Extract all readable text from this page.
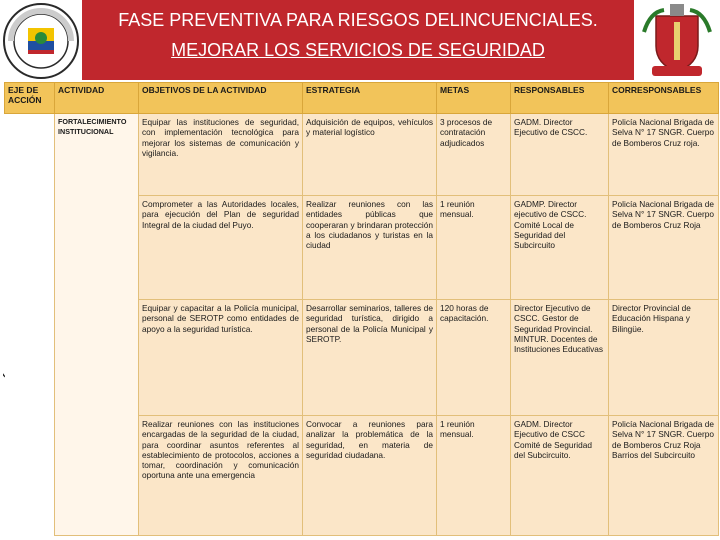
FASE PREVENTIVA PARA RIESGOS DELINCUENCIALES.
MEJORAR LOS SERVICIOS DE SEGURIDAD
EJE DE ACCIÓN	ACTIVIDAD	OBJETIVOS DE LA ACTIVIDAD	ESTRATEGIA	METAS	RESPONSABLES	CORRESPONSABLES
	FORTALECIMIENTO INSTITUCIONAL	Equipar las instituciones de seguridad, con implementación tecnológica para mejorar los sistemas de comunicación y vigilancia.	Adquisición de equipos, vehículos y material logístico	3 procesos de contratación adjudicados	GADM. Director Ejecutivo de CSCC.	Policía Nacional Brigada de Selva N° 17 SNGR. Cuerpo de Bomberos Cruz roja.
		Comprometer a las Autoridades locales, para ejecución del Plan de seguridad Integral de la ciudad del Puyo.	Realizar reuniones con las entidades públicas que cooperaran y brindaran protección a los ciudadanos y turistas en la ciudad	1 reunión mensual.	GADMP. Director ejecutivo de CSCC. Comité Local de Seguridad del Subcircuito	Policía Nacional Brigada de Selva N° 17 SNGR. Cuerpo de Bomberos Cruz Roja
		Equipar y capacitar a la Policía municipal, personal de SEROTP como entidades de apoyo a la seguridad turística.	Desarrollar seminarios, talleres de seguridad turística, dirigido a personal de la Policía Municipal y SEROTP.	120 horas de capacitación.	Director Ejecutivo de CSCC. Gestor de Seguridad Provincial. MINTUR. Docentes de Instituciones Educativas	Director Provincial de Educación Hispana y Bilingüe.
		Realizar reuniones con las instituciones encargadas de la seguridad de la ciudad, para coordinar asuntos referentes al establecimiento de protocolos, acciones a tomar, coordinación y comunicación oportuna ante una emergencia	Convocar a reuniones para analizar la problemática de la seguridad, en materia de seguridad ciudadana.	1 reunión mensual.	GADM. Director Ejecutivo de CSCC Comité de Seguridad del Subcircuito.	Policía Nacional Brigada de Selva N° 17 SNGR. Cuerpo de Bomberos Cruz Roja Barrios del Subcircuito
